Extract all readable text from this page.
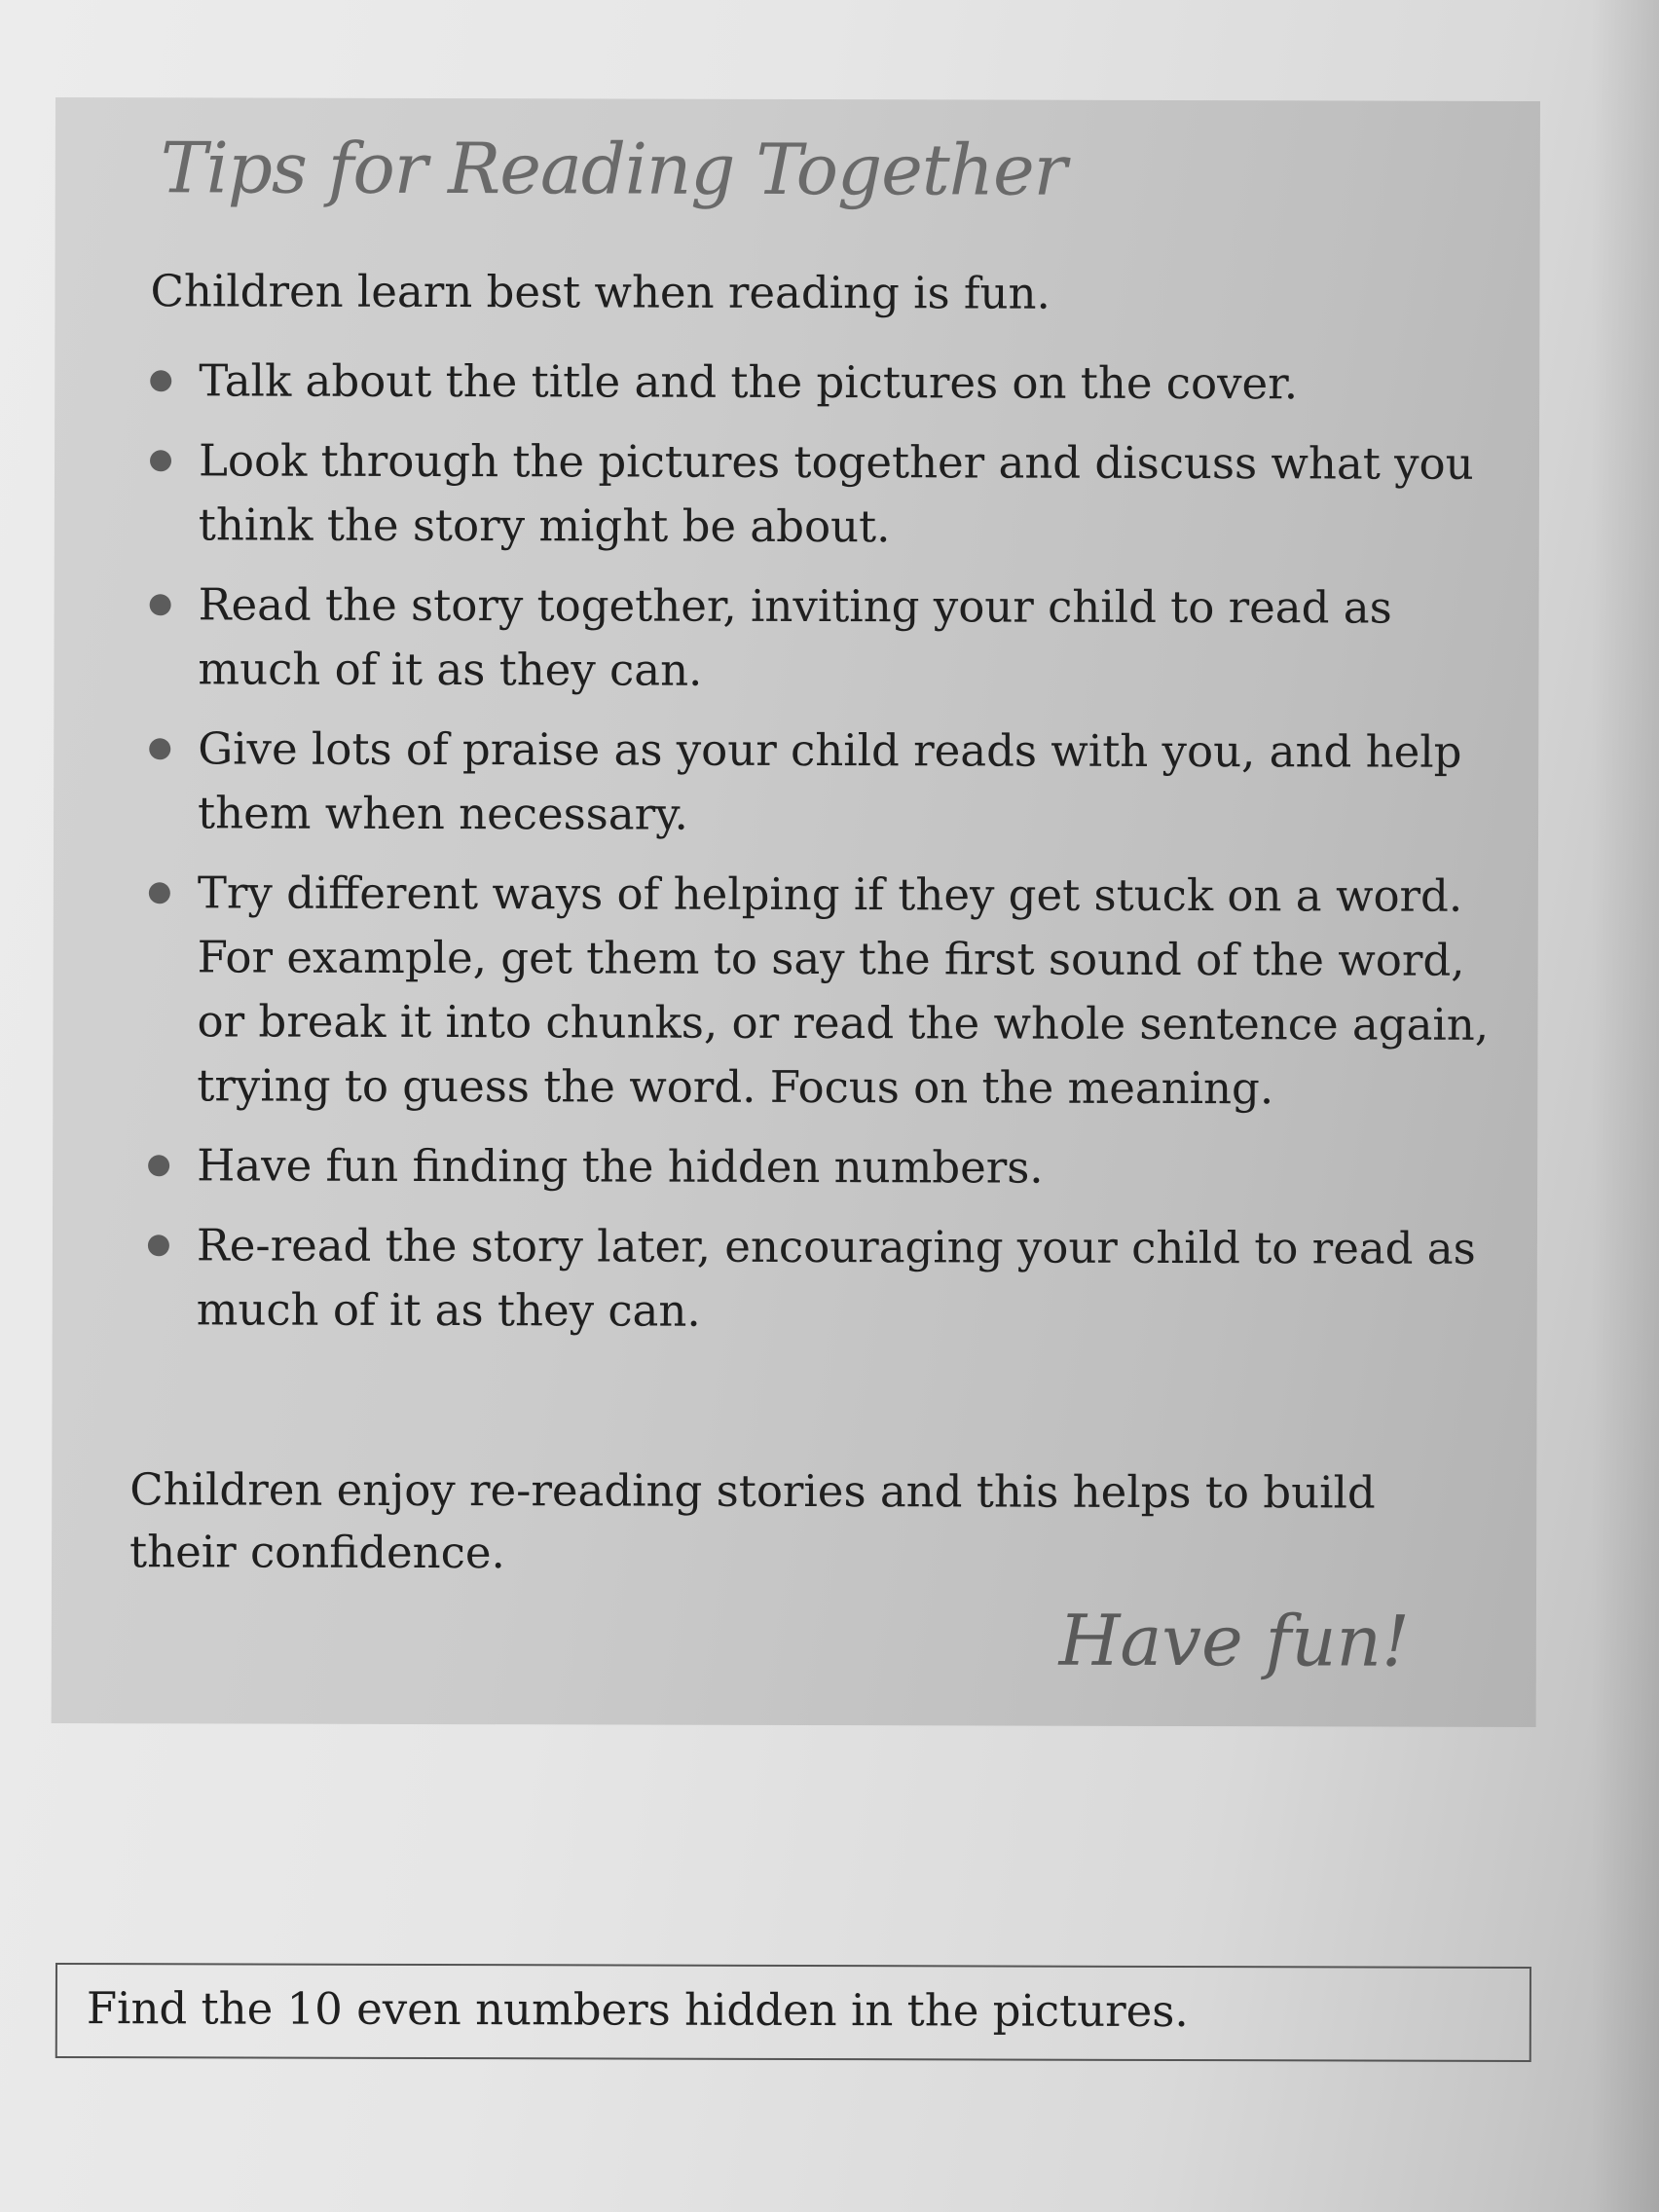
Tips for Reading Together

Children learn best when reading is fun.

Talk about the title and the pictures on the cover.
Look through the pictures together and discuss what you think the story might be about.
Read the story together, inviting your child to read as much of it as they can.
Give lots of praise as your child reads with you, and help them when necessary.
Try different ways of helping if they get stuck on a word. For example, get them to say the first sound of the word, or break it into chunks, or read the whole sentence again, trying to guess the word. Focus on the meaning.
Have fun finding the hidden numbers.
Re-read the story later, encouraging your child to read as much of it as they can.

Children enjoy re-reading stories and this helps to build their confidence.

Have fun!

Find the 10 even numbers hidden in the pictures.
